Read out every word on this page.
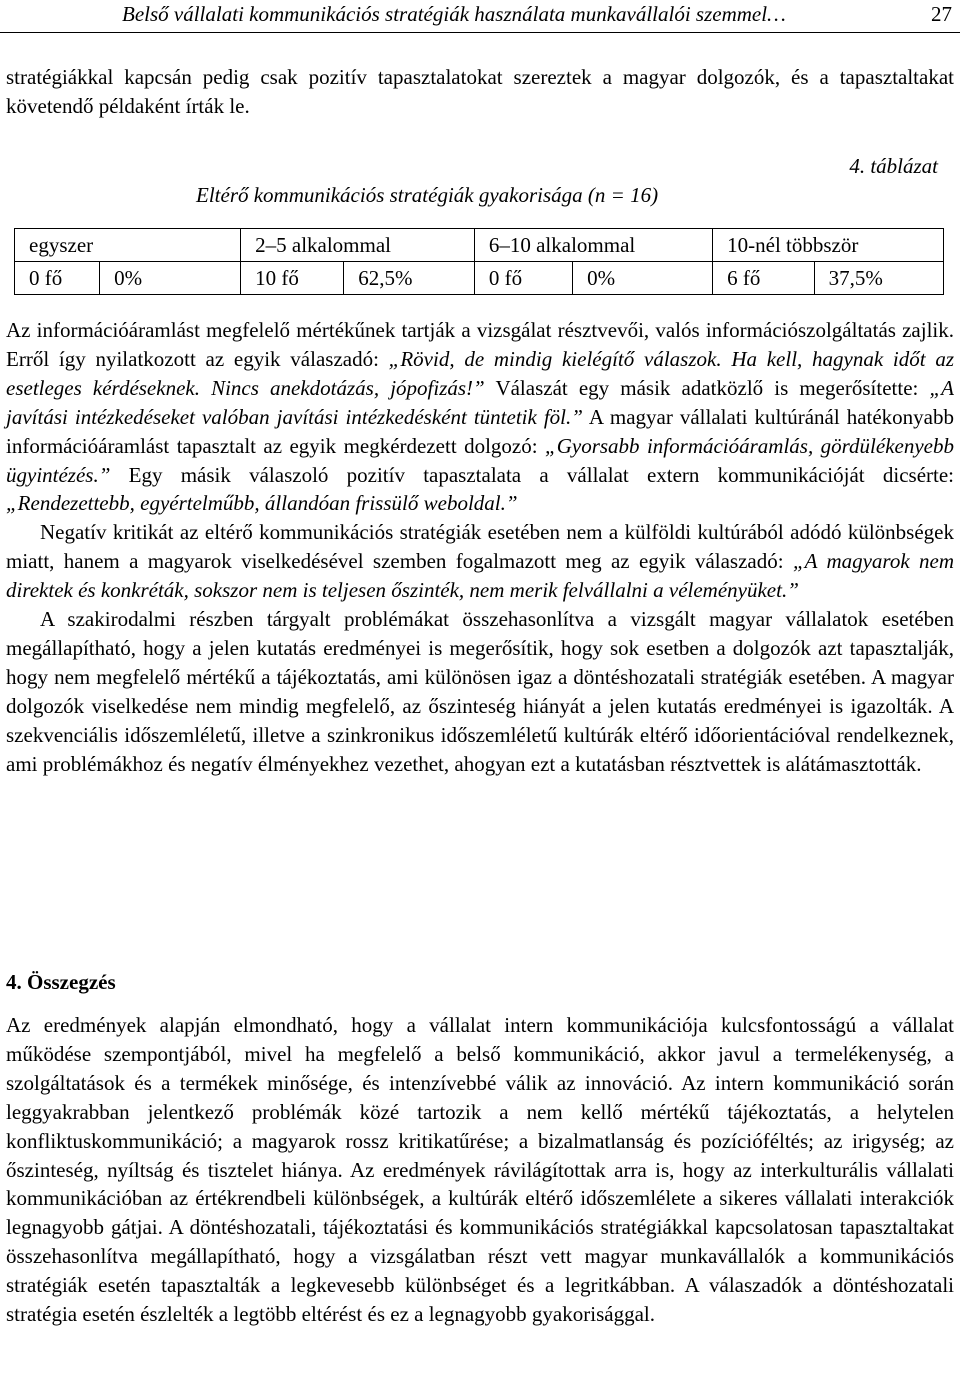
Belső vállalati kommunikációs stratégiák használata munkavállalói szemmel…	27

stratégiákkal kapcsán pedig csak pozitív tapasztalatokat szereztek a magyar dolgozók, és a tapasztaltakat követendő példaként írták le.

4. táblázat
Eltérő kommunikációs stratégiák gyakorisága (n = 16)
egyszer		2–5 alkalommal		6–10 alkalommal		10-nél többször	
0 fő	0%	10 fő	62,5%	0 fő	0%	6 fő	37,5%

Az információáramlást megfelelő mértékűnek tartják a vizsgálat résztvevői, valós információszolgáltatás zajlik. Erről így nyilatkozott az egyik válaszadó: „Rövid, de mindig kielégítő válaszok. Ha kell, hagynak időt az esetleges kérdéseknek. Nincs anekdotázás, jópofizás!” Válaszát egy másik adatközlő is megerősítette: „A javítási intézkedéseket valóban javítási intézkedésként tüntetik föl.” A magyar vállalati kultúránál hatékonyabb információáramlást tapasztalt az egyik megkérdezett dolgozó: „Gyorsabb információáramlás, gördülékenyebb ügyintézés.” Egy másik válaszoló pozitív tapasztalata a vállalat extern kommunikációját dicsérte: „Rendezettebb, egyértelműbb, állandóan frissülő weboldal.”

Negatív kritikát az eltérő kommunikációs stratégiák esetében nem a külföldi kultúrából adódó különbségek miatt, hanem a magyarok viselkedésével szemben fogalmazott meg az egyik válaszadó: „A magyarok nem direktek és konkréták, sokszor nem is teljesen őszinték, nem merik felvállalni a véleményüket.”

A szakirodalmi részben tárgyalt problémákat összehasonlítva a vizsgált magyar vállalatok esetében megállapítható, hogy a jelen kutatás eredményei is megerősítik, hogy sok esetben a dolgozók azt tapasztalják, hogy nem megfelelő mértékű a tájékoztatás, ami különösen igaz a döntéshozatali stratégiák esetében. A magyar dolgozók viselkedése nem mindig megfelelő, az őszinteség hiányát a jelen kutatás eredményei is igazolták. A szekvenciális időszemléletű, illetve a szinkronikus időszemléletű kultúrák eltérő időorientációval rendelkeznek, ami problémákhoz és negatív élményekhez vezethet, ahogyan ezt a kutatásban résztvettek is alátámasztották.

4. Összegzés

Az eredmények alapján elmondható, hogy a vállalat intern kommunikációja kulcsfontosságú a vállalat működése szempontjából, mivel ha megfelelő a belső kommunikáció, akkor javul a termelékenység, a szolgáltatások és a termékek minősége, és intenzívebbé válik az innováció. Az intern kommunikáció során leggyakrabban jelentkező problémák közé tartozik a nem kellő mértékű tájékoztatás, a helytelen konfliktuskommunikáció; a magyarok rossz kritikatűrése; a bizalmatlanság és pozícióféltés; az irigység; az őszinteség, nyíltság és tisztelet hiánya. Az eredmények rávilágítottak arra is, hogy az interkulturális vállalati kommunikációban az értékrendbeli különbségek, a kultúrák eltérő időszemlélete a sikeres vállalati interakciók legnagyobb gátjai. A döntéshozatali, tájékoztatási és kommunikációs stratégiákkal kapcsolatosan tapasztaltakat összehasonlítva megállapítható, hogy a vizsgálatban részt vett magyar munkavállalók a kommunikációs stratégiák esetén tapasztalták a legkevesebb különbséget és a legritkábban. A válaszadók a döntéshozatali stratégia esetén észlelték a legtöbb eltérést és ez a legnagyobb gyakorisággal.
